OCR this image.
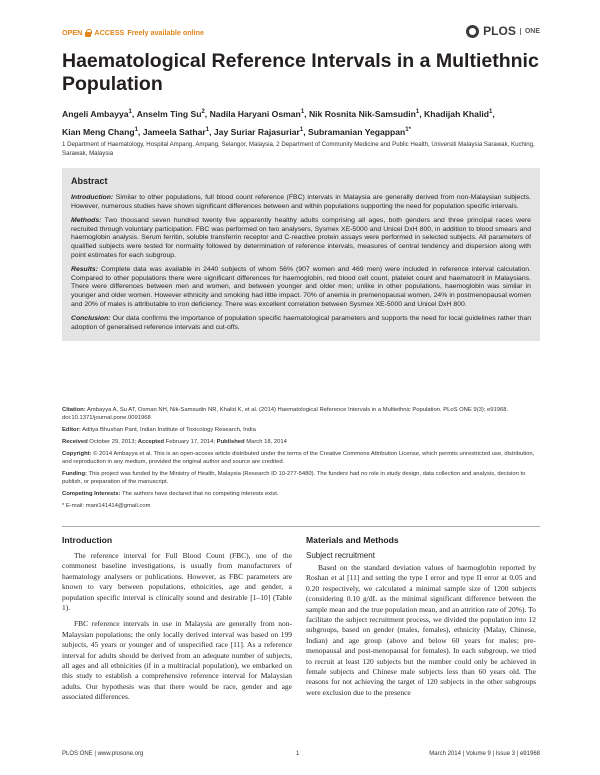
OPEN ACCESS Freely available online	PLOS	ONE
Haematological Reference Intervals in a Multiethnic Population
Angeli Ambayya$^1$, Anselm Ting Su$^2$, Nadila Haryani Osman$^1$, Nik Rosnita Nik-Samsudin$^1$, Khadijah Khalid$^1$, Kian Meng Chang$^1$, Jameela Sathar$^1$, Jay Suriar Rajasuriar$^1$, Subramanian Yegappan$^{1*}$
1 Department of Haematology, Hospital Ampang, Ampang, Selangor, Malaysia, 2 Department of Community Medicine and Public Health, Universiti Malaysia Sarawak, Kuching, Sarawak, Malaysia
Abstract

Introduction: Similar to other populations, full blood count reference (FBC) intervals in Malaysia are generally derived from non-Malaysian subjects. However, numerous studies have shown significant differences between and within populations supporting the need for population specific intervals.

Methods: Two thousand seven hundred twenty five apparently healthy adults comprising all ages, both genders and three principal races were recruited through voluntary participation. FBC was performed on two analysers, Sysmex XE-5000 and Unicel DxH 800, in addition to blood smears and haemoglobin analysis. Serum ferritin, soluble transferrin receptor and C-reactive protein assays were performed in selected subjects. All parameters of qualified subjects were tested for normality followed by determination of reference intervals, measures of central tendency and dispersion along with point estimates for each subgroup.

Results: Complete data was available in 2440 subjects of whom 56% (907 women and 469 men) were included in reference interval calculation. Compared to other populations there were significant differences for haemoglobin, red blood cell count, platelet count and haematocrit in Malaysians. There were differences between men and women, and between younger and older men; unlike in other populations, haemoglobin was similar in younger and older women. However ethnicity and smoking had little impact. 70% of anemia in premenopausal women, 24% in postmenopausal women and 20% of males is attributable to iron deficiency. There was excellent correlation between Sysmex XE-5000 and Unicel DxH 800.

Conclusion: Our data confirms the importance of population specific haematological parameters and supports the need for local guidelines rather than adoption of generalised reference intervals and cut-offs.

Citation: Ambayya A, Su AT, Osman NH, Nik-Samsudin NR, Khalid K, et al. (2014) Haematological Reference Intervals in a Multiethnic Population. PLoS ONE 9(3): e91968. doi:10.1371/journal.pone.0091968

Editor: Aditya Bhushan Pant, Indian Institute of Toxicology Research, India

Received October 29, 2013; Accepted February 17, 2014; Published March 18, 2014

Copyright: © 2014 Ambayya et al. This is an open-access article distributed under the terms of the Creative Commons Attribution License, which permits unrestricted use, distribution, and reproduction in any medium, provided the original author and source are credited.

Funding: This project was funded by the Ministry of Health, Malaysia (Research ID 10-277-5480). The funders had no role in study design, data collection and analysis, decision to publish, or preparation of the manuscript.

Competing Interests: The authors have declared that no competing interests exist.

* E-mail: mani141414@gmail.com

Introduction

The reference interval for Full Blood Count (FBC), one of the commonest baseline investigations, is usually from manufacturers of haematology analysers or publications. However, as FBC parameters are known to vary between populations, ethnicities, age and gender, a population specific interval is clinically sound and desirable [1–10] (Table 1).

FBC reference intervals in use in Malaysia are generally from non-Malaysian populations; the only locally derived interval was based on 199 subjects, 45 years or younger and of unspecified race [11]. As a reference interval for adults should be derived from an adequate number of subjects, all ages and all ethnicities (if in a multiracial population), we embarked on this study to establish a comprehensive reference interval for Malaysian adults. Our hypothesis was that there would be race, gender and age associated differences.

Materials and Methods
Subject recruitment

Based on the standard deviation values of haemoglobin reported by Roshan et al [11] and setting the type I error and type II error at 0.05 and 0.20 respectively, we calculated a minimal sample size of 1200 subjects (considering 0.10 g/dL as the minimal significant difference between the sample mean and the true population mean, and an attrition rate of 20%). To facilitate the subject recruitment process, we divided the population into 12 subgroups, based on gender (males, females), ethnicity (Malay, Chinese, Indian) and age group (above and below 60 years for males; pre-menopausal and post-menopausal for females). In each subgroup, we tried to recruit at least 120 subjects but the number could only be achieved in female subjects and Chinese male subjects less than 60 years old. The reasons for not achieving the target of 120 subjects in the other subgroups were exclusion due to the presence

PLOS ONE | www.plosone.org	1	March 2014 | Volume 9 | Issue 3 | e91968
